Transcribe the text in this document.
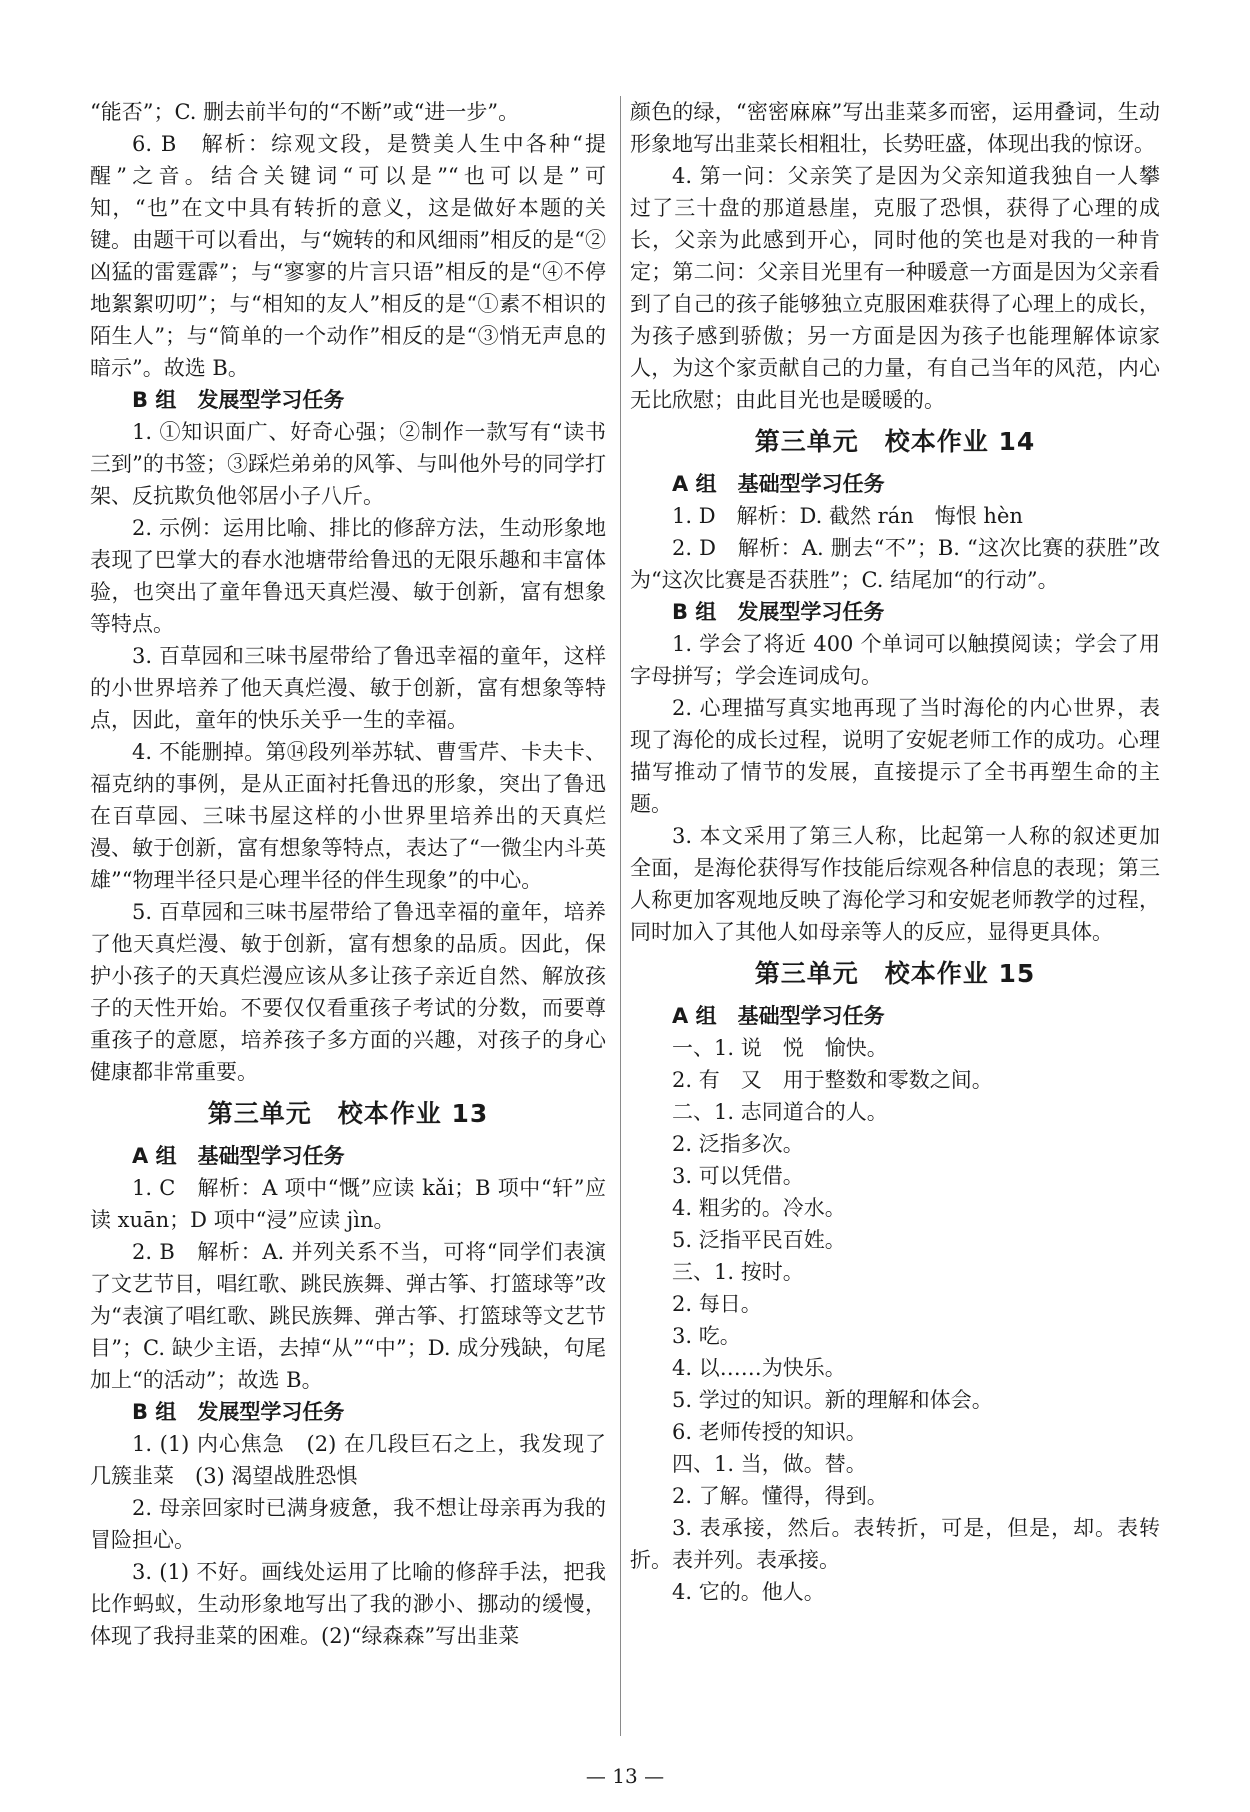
“能否”；C. 删去前半句的“不断”或“进一步”。

6. B　解析：综观文段，是赞美人生中各种“提醒”之音。结合关键词“可以是”“也可以是”可知，“也”在文中具有转折的意义，这是做好本题的关键。由题干可以看出，与“婉转的和风细雨”相反的是“②凶猛的雷霆霹”；与“寥寥的片言只语”相反的是“④不停地絮絮叨叨”；与“相知的友人”相反的是“①素不相识的陌生人”；与“简单的一个动作”相反的是“③悄无声息的暗示”。故选 B。

B 组　发展型学习任务

1. ①知识面广、好奇心强；②制作一款写有“读书三到”的书签；③踩烂弟弟的风筝、与叫他外号的同学打架、反抗欺负他邻居小子八斤。

2. 示例：运用比喻、排比的修辞方法，生动形象地表现了巴掌大的春水池塘带给鲁迅的无限乐趣和丰富体验，也突出了童年鲁迅天真烂漫、敏于创新，富有想象等特点。

3. 百草园和三味书屋带给了鲁迅幸福的童年，这样的小世界培养了他天真烂漫、敏于创新，富有想象等特点，因此，童年的快乐关乎一生的幸福。

4. 不能删掉。第⑭段列举苏轼、曹雪芹、卡夫卡、福克纳的事例，是从正面衬托鲁迅的形象，突出了鲁迅在百草园、三味书屋这样的小世界里培养出的天真烂漫、敏于创新，富有想象等特点，表达了“一微尘内斗英雄”“物理半径只是心理半径的伴生现象”的中心。

5. 百草园和三味书屋带给了鲁迅幸福的童年，培养了他天真烂漫、敏于创新，富有想象的品质。因此，保护小孩子的天真烂漫应该从多让孩子亲近自然、解放孩子的天性开始。不要仅仅看重孩子考试的分数，而要尊重孩子的意愿，培养孩子多方面的兴趣，对孩子的身心健康都非常重要。

第三单元　校本作业 13

A 组　基础型学习任务

1. C　解析：A 项中“慨”应读 kǎi；B 项中“轩”应读 xuān；D 项中“浸”应读 jìn。

2. B　解析：A. 并列关系不当，可将“同学们表演了文艺节目，唱红歌、跳民族舞、弹古筝、打篮球等”改为“表演了唱红歌、跳民族舞、弹古筝、打篮球等文艺节目”；C. 缺少主语，去掉“从”“中”；D. 成分残缺，句尾加上“的活动”；故选 B。

B 组　发展型学习任务

1. (1) 内心焦急　(2) 在几段巨石之上，我发现了几簇韭菜　(3) 渴望战胜恐惧

2. 母亲回家时已满身疲惫，我不想让母亲再为我的冒险担心。

3. (1) 不好。画线处运用了比喻的修辞手法，把我比作蚂蚁，生动形象地写出了我的渺小、挪动的缓慢，体现了我挦韭菜的困难。(2)“绿森森”写出韭菜

颜色的绿，“密密麻麻”写出韭菜多而密，运用叠词，生动形象地写出韭菜长相粗壮，长势旺盛，体现出我的惊讶。

4. 第一问：父亲笑了是因为父亲知道我独自一人攀过了三十盘的那道悬崖，克服了恐惧，获得了心理的成长，父亲为此感到开心，同时他的笑也是对我的一种肯定；第二问：父亲目光里有一种暖意一方面是因为父亲看到了自己的孩子能够独立克服困难获得了心理上的成长，为孩子感到骄傲；另一方面是因为孩子也能理解体谅家人，为这个家贡献自己的力量，有自己当年的风范，内心无比欣慰；由此目光也是暖暖的。

第三单元　校本作业 14

A 组　基础型学习任务

1. D　解析：D. 截然 rán　悔恨 hèn

2. D　解析：A. 删去“不”；B. “这次比赛的获胜”改为“这次比赛是否获胜”；C. 结尾加“的行动”。

B 组　发展型学习任务

1. 学会了将近 400 个单词可以触摸阅读；学会了用字母拼写；学会连词成句。

2. 心理描写真实地再现了当时海伦的内心世界，表现了海伦的成长过程，说明了安妮老师工作的成功。心理描写推动了情节的发展，直接提示了全书再塑生命的主题。

3. 本文采用了第三人称，比起第一人称的叙述更加全面，是海伦获得写作技能后综观各种信息的表现；第三人称更加客观地反映了海伦学习和安妮老师教学的过程，同时加入了其他人如母亲等人的反应，显得更具体。

第三单元　校本作业 15

A 组　基础型学习任务

一、1. 说　悦　愉快。

2. 有　又　用于整数和零数之间。

二、1. 志同道合的人。

2. 泛指多次。

3. 可以凭借。

4. 粗劣的。冷水。

5. 泛指平民百姓。

三、1. 按时。

2. 每日。

3. 吃。

4. 以……为快乐。

5. 学过的知识。新的理解和体会。

6. 老师传授的知识。

四、1. 当，做。替。

2. 了解。懂得，得到。

3. 表承接，然后。表转折，可是，但是，却。表转折。表并列。表承接。

4. 它的。他人。

— 13 —
